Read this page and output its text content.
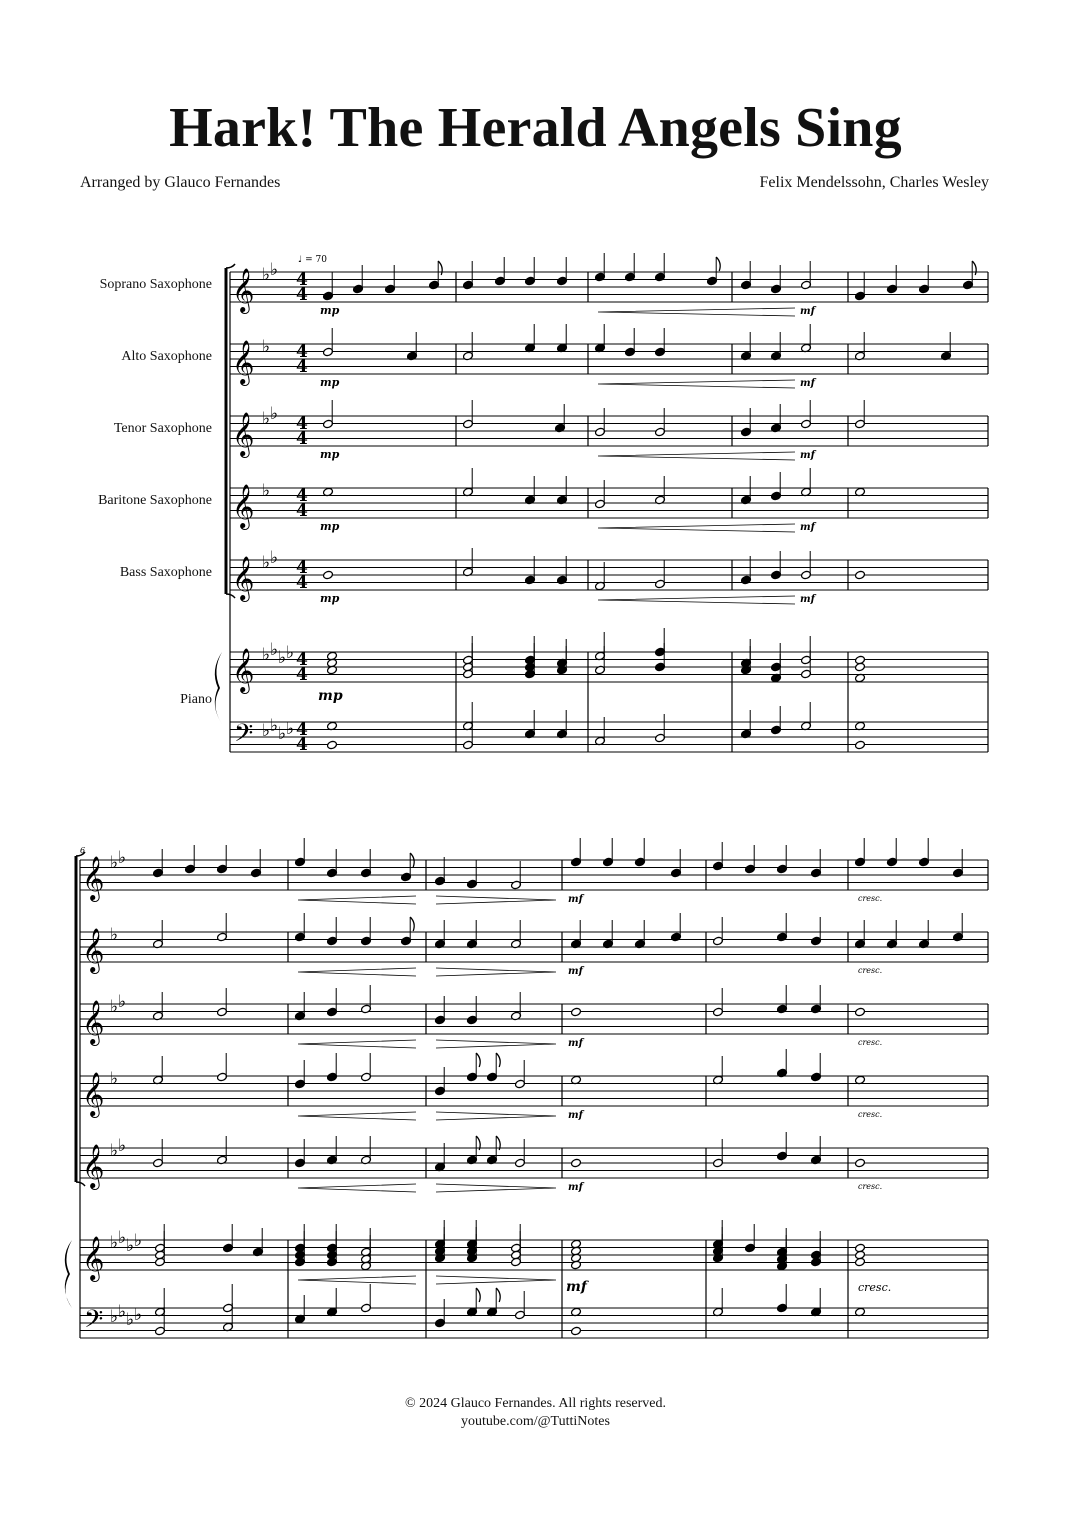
Hark! The Herald Angels Sing
Arranged by Glauco Fernandes	Felix Mendelssohn, Charles Wesley
Soprano Saxophone
Alto Saxophone
Tenor Saxophone
Baritone Saxophone
Bass Saxophone
Piano
𝄞 ♭ ♭ 4
4
mp	mf
𝄞 ♭ 4
4
mp	mf
𝄞 ♭ ♭ 4
4
mp	mf
𝄞 ♭ 4
4
mp	mf
𝄞 ♭ ♭ 4
4
mp	mf
𝄞
𝄢
♭ ♭ ♭ ♭
♭ ♭ ♭ ♭
4
4
4
4
mp
𝄞 ♭ ♭
mf	cresc.
𝄞 ♭
mf	cresc.
𝄞 ♭ ♭
mf	cresc.
𝄞 ♭
mf	cresc.
𝄞 ♭ ♭
mf	cresc.
𝄞
𝄢
♭ ♭ ♭ ♭
♭ ♭ ♭ ♭
mf	cresc.
♩ = 70
6
© 2024 Glauco Fernandes. All rights reserved.
youtube.com/@TuttiNotes
